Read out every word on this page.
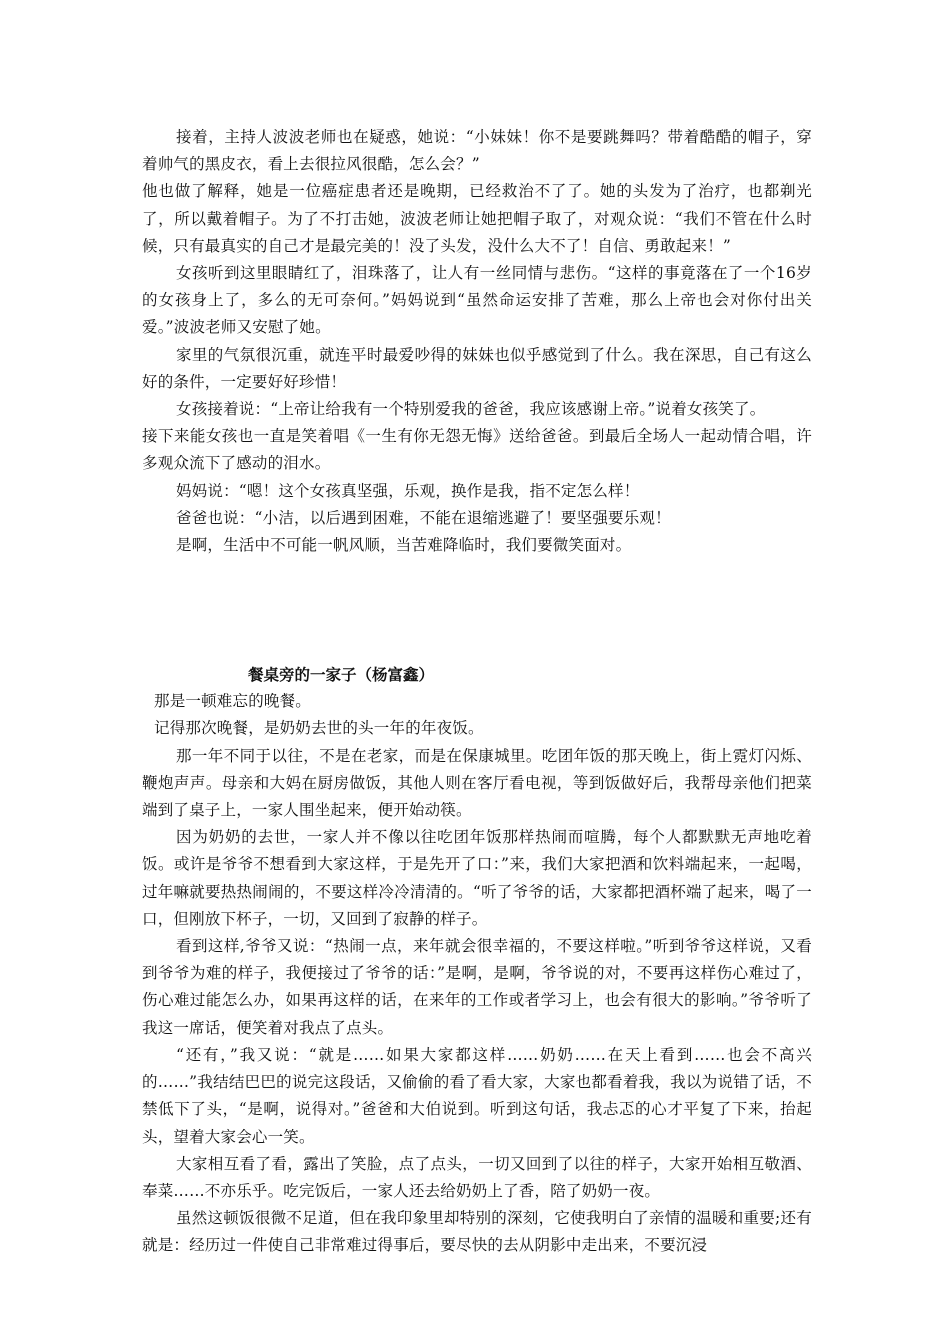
接着，主持人波波老师也在疑惑，她说：“小妹妹！你不是要跳舞吗？带着酷酷的帽子，穿着帅气的黑皮衣，看上去很拉风很酷，怎么会？”

他也做了解释，她是一位癌症患者还是晚期，已经救治不了了。她的头发为了治疗，也都剃光了，所以戴着帽子。为了不打击她，波波老师让她把帽子取了，对观众说：“我们不管在什么时候，只有最真实的自己才是最完美的！没了头发，没什么大不了！自信、勇敢起来！”

女孩听到这里眼睛红了，泪珠落了，让人有一丝同情与悲伤。“这样的事竟落在了一个16岁的女孩身上了，多么的无可奈何。”妈妈说到“虽然命运安排了苦难，那么上帝也会对你付出关爱。”波波老师又安慰了她。

家里的气氛很沉重，就连平时最爱吵得的妹妹也似乎感觉到了什么。我在深思，自己有这么好的条件，一定要好好珍惜！

女孩接着说：“上帝让给我有一个特别爱我的爸爸，我应该感谢上帝。”说着女孩笑了。

接下来能女孩也一直是笑着唱《一生有你无怨无悔》送给爸爸。到最后全场人一起动情合唱，许多观众流下了感动的泪水。

妈妈说：“嗯！这个女孩真坚强，乐观，换作是我，指不定怎么样！

爸爸也说：“小洁，以后遇到困难，不能在退缩逃避了！要坚强要乐观！

是啊，生活中不可能一帆风顺，当苦难降临时，我们要微笑面对。

餐桌旁的一家子（杨富鑫）

那是一顿难忘的晚餐。

记得那次晚餐，是奶奶去世的头一年的年夜饭。

那一年不同于以往，不是在老家，而是在保康城里。吃团年饭的那天晚上，街上霓灯闪烁、鞭炮声声。母亲和大妈在厨房做饭，其他人则在客厅看电视，等到饭做好后，我帮母亲他们把菜端到了桌子上，一家人围坐起来，便开始动筷。

因为奶奶的去世，一家人并不像以往吃团年饭那样热闹而喧腾，每个人都默默无声地吃着饭。或许是爷爷不想看到大家这样，于是先开了口：”来，我们大家把酒和饮料端起来，一起喝，过年嘛就要热热闹闹的，不要这样冷冷清清的。“听了爷爷的话，大家都把酒杯端了起来，喝了一口，但刚放下杯子，一切，又回到了寂静的样子。

看到这样,爷爷又说：“热闹一点，来年就会很幸福的，不要这样啦。”听到爷爷这样说，又看到爷爷为难的样子，我便接过了爷爷的话：”是啊，是啊，爷爷说的对，不要再这样伤心难过了，伤心难过能怎么办，如果再这样的话，在来年的工作或者学习上，也会有很大的影响。”爷爷听了我这一席话，便笑着对我点了点头。

“还有，”我又说：“就是……如果大家都这样……奶奶……在天上看到……也会不高兴的……”我结结巴巴的说完这段话，又偷偷的看了看大家，大家也都看着我，我以为说错了话，不禁低下了头，“是啊，说得对。”爸爸和大伯说到。听到这句话，我忐忑的心才平复了下来，抬起头，望着大家会心一笑。

大家相互看了看，露出了笑脸，点了点头，一切又回到了以往的样子，大家开始相互敬酒、奉菜……不亦乐乎。吃完饭后，一家人还去给奶奶上了香，陪了奶奶一夜。

虽然这顿饭很微不足道，但在我印象里却特别的深刻，它使我明白了亲情的温暖和重要;还有就是：经历过一件使自己非常难过得事后，要尽快的去从阴影中走出来，不要沉浸
